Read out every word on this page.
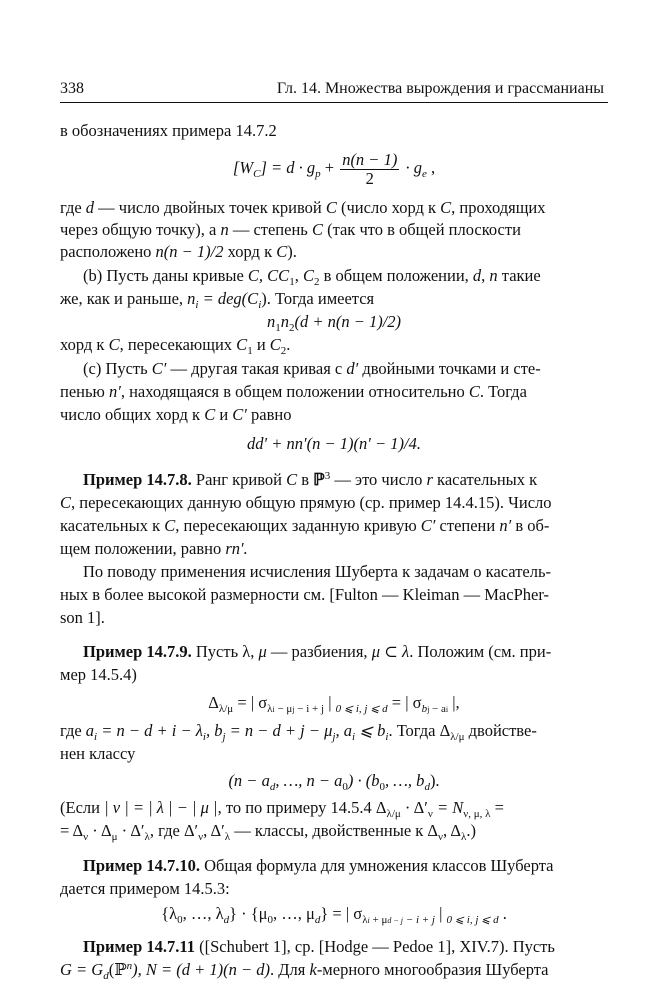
338	Гл. 14. Множества вырождения и грассманианы
в обозначениях примера 14.7.2
$[W_C] = d \cdot g_p + \frac{n(n - 1)}{2} \cdot g_e$ ,
где d — число двойных точек кривой C (число хорд к C, проходящих
через общую точку), а n — степень C (так что в общей плоскости
расположено n(n − 1)/2 хорд к C).
(b) Пусть даны кривые C, $CC_1$, $C_2$ в общем положении, d, n такие
же, как и раньше, $n_i = deg(C_i)$. Тогда имеется
$n_1n_2(d + n(n - 1)/2)$
хорд к C, пересекающих $C_1$ и $C_2$.
(c) Пусть C′ — другая такая кривая с d′ двойными точками и сте-
пенью n′, находящаяся в общем положении относительно C. Тогда
число общих хорд к C и C′ равно
dd′ + nn′(n − 1)(n′ − 1)/4.
Пример 14.7.8. Ранг кривой C в ℙ$^3$ — это число r касательных к
C, пересекающих данную общую прямую (ср. пример 14.4.15). Число
касательных к C, пересекающих заданную кривую C′ степени n′ в об-
щем положении, равно rn′.
По поводу применения исчисления Шуберта к задачам о касатель-
ных в более высокой размерности см. [Fulton — Kleiman — MacPher-
son 1].
Пример 14.7.9. Пусть λ, μ — разбиения, μ ⊂ λ. Положим (см. при-
мер 14.5.4)
$\Delta_{\lambda/\mu}$ = | $\sigma_{\lambda i - \mu j - i + j}$ | $_{0 ⩽ i, j ⩽ d}$ = | $\sigma_{bj - ai}$ |,
где $a_i = n - d + i - \lambda_i$, $b_j = n - d + j - \mu_j$, $a_i$ ⩽ $b_i$. Тогда $\Delta_{\lambda/\mu}$ двойстве-
нен классу
($n - a_d$, …, $n - a_0) \cdot (b_0$, …, $b_d$).
(Если | ν | = | λ | − | μ |, то по примеру 14.5.4 $\Delta_{\lambda/\mu} \cdot \Delta'_\nu = N_{\nu, \mu, \lambda}$ =
= $\Delta_\nu \cdot \Delta_\mu \cdot \Delta'_\lambda$, где $\Delta'_\nu$, $\Delta'_\lambda$ — классы, двойственные к $\Delta_\nu$, $\Delta_\lambda$.)
Пример 14.7.10. Общая формула для умножения классов Шуберта
дается примером 14.5.3:
{$\lambda_0$, …, $\lambda_d\} \cdot \{\mu_0$, …, $\mu_d$} = | $\sigma_{\lambda i + \mu d - j - i + j}$ | $_{0 ⩽ i, j ⩽ d}$ .
Пример 14.7.11 ([Schubert 1], ср. [Hodge — Pedoe 1], XIV.7). Пусть
$G = G_d(ℙ^n)$, N = (d + 1)(n − d). Для k-мерного многообразия Шуберта
